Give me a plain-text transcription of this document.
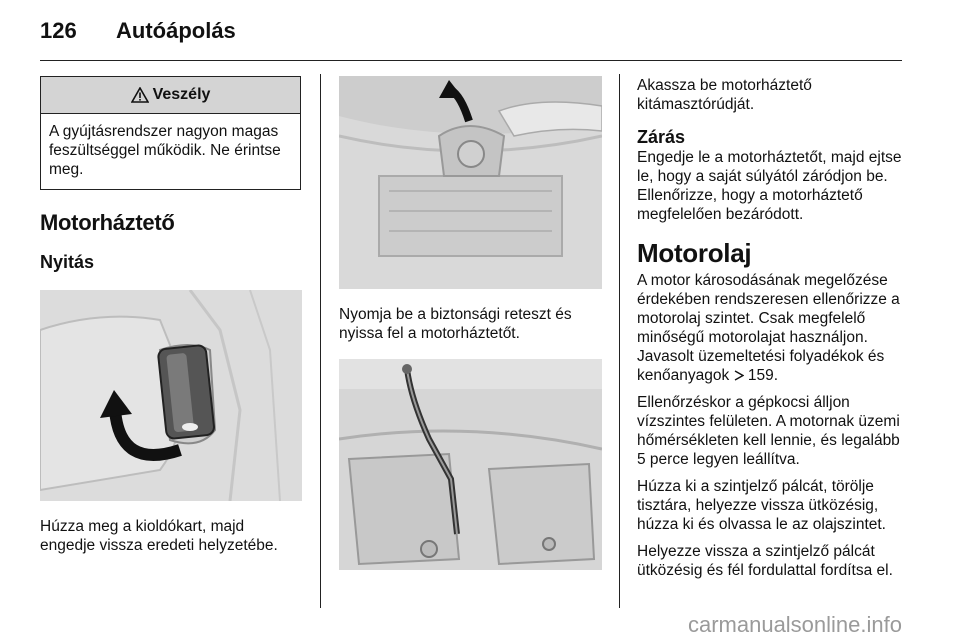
126 Autóápolás
Veszély
A gyújtásrendszer nagyon magas feszültséggel működik. Ne érintse meg.
Motorháztető
Nyitás

Húzza meg a kioldókart, majd engedje vissza eredeti helyzetébe.

Nyomja be a biztonsági reteszt és nyissa fel a motorháztetőt.

Akassza be motorháztető kitámasztórúdját.

Zárás

Engedje le a motorháztetőt, majd ejtse le, hogy a saját súlyától záródjon be. Ellenőrizze, hogy a motorháztető megfelelően bezáródott.

Motorolaj

A motor károsodásának megelőzése érdekében rendszeresen ellenőrizze a motorolaj szintet. Csak megfelelő minőségű motorolajat használjon. Javasolt üzemeltetési folyadékok és kenőanyagok  159.

Ellenőrzéskor a gépkocsi álljon vízszintes felületen. A motornak üzemi hőmérsékleten kell lennie, és legalább 5 perce legyen leállítva.

Húzza ki a szintjelző pálcát, törölje tisztára, helyezze vissza ütközésig, húzza ki és olvassa le az olajszintet.

Helyezze vissza a szintjelző pálcát ütközésig és fél fordulattal fordítsa el.

carmanualsonline.info
